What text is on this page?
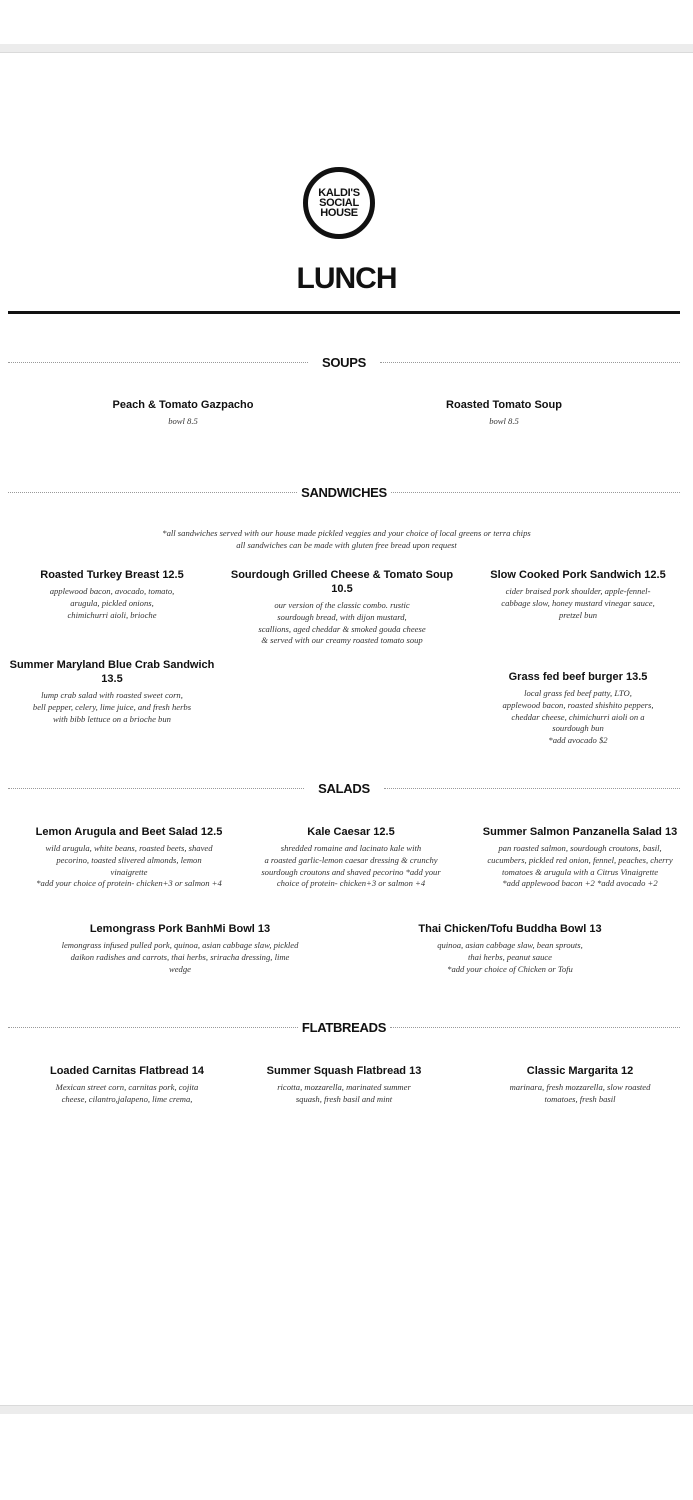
KALDI'S
SOCIAL
HOUSE
LUNCH
SOUPS
Peach & Tomato Gazpacho
bowl 8.5
Roasted Tomato Soup
bowl 8.5
SANDWICHES
*all sandwiches served with our house made pickled veggies and your choice of local greens or terra chips
all sandwiches can be made with gluten free bread upon request
Roasted Turkey Breast 12.5
applewood bacon, avocado, tomato,
arugula, pickled onions,
chimichurri aioli, brioche
Sourdough Grilled Cheese & Tomato Soup 10.5
our version of the classic combo. rustic
sourdough bread, with dijon mustard,
scallions, aged cheddar & smoked gouda cheese
& served with our creamy roasted tomato soup
Slow Cooked Pork Sandwich 12.5
cider braised pork shoulder, apple-fennel-
cabbage slow, honey mustard vinegar sauce,
pretzel bun
Summer Maryland Blue Crab Sandwich 13.5
lump crab salad with roasted sweet corn,
bell pepper, celery, lime juice, and fresh herbs
with bibb lettuce on a brioche bun
Grass fed beef burger 13.5
local grass fed beef patty, LTO,
applewood bacon, roasted shishito peppers,
cheddar cheese, chimichurri aioli on a
sourdough bun
*add avocado $2
SALADS
Lemon Arugula and Beet Salad 12.5
wild arugula, white beans, roasted beets, shaved
pecorino, toasted slivered almonds, lemon
vinaigrette
*add your choice of protein- chicken+3 or salmon +4
Kale Caesar 12.5
shredded romaine and lacinato kale with
a roasted garlic-lemon caesar dressing & crunchy
sourdough croutons and shaved pecorino *add your
choice of protein- chicken+3 or salmon +4
Summer Salmon Panzanella Salad 13
pan roasted salmon, sourdough croutons, basil,
cucumbers, pickled red onion, fennel, peaches, cherry
tomatoes & arugula with a Citrus Vinaigrette
*add applewood bacon +2 *add avocado +2
Lemongrass Pork BanhMi Bowl 13
lemongrass infused pulled pork, quinoa, asian cabbage slaw, pickled
daikon radishes and carrots, thai herbs, sriracha dressing, lime
wedge
Thai Chicken/Tofu Buddha Bowl 13
quinoa, asian cabbage slaw, bean sprouts,
thai herbs, peanut sauce
*add your choice of Chicken or Tofu
FLATBREADS
Loaded Carnitas Flatbread 14
Mexican street corn, carnitas pork, cojita
cheese, cilantro,jalapeno, lime crema,
Summer Squash Flatbread 13
ricotta, mozzarella, marinated summer
squash, fresh basil and mint
Classic Margarita 12
marinara, fresh mozzarella, slow roasted
tomatoes, fresh basil
